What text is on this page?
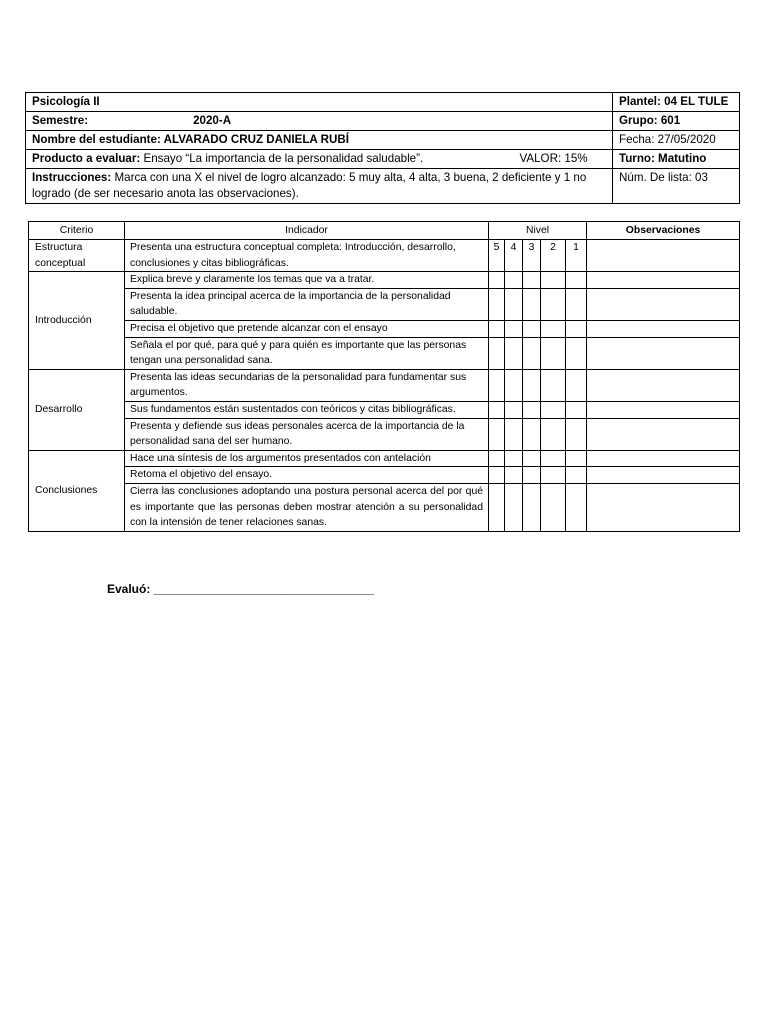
Psicología II	Plantel: 04 EL TULE
Semestre: 2020-A	Grupo: 601
Nombre del estudiante: ALVARADO CRUZ DANIELA RUBÍ	Fecha: 27/05/2020
Producto a evaluar: Ensayo “La importancia de la personalidad saludable”. VALOR: 15%	Turno: Matutino
Instrucciones: Marca con una X el nivel de logro alcanzado: 5 muy alta, 4 alta, 3 buena, 2 deficiente y 1 no logrado (de ser necesario anota las observaciones).	Núm. De lista: 03
Criterio	Indicador	Nivel					Observaciones
Estructura conceptual	Presenta una estructura conceptual completa: Introducción, desarrollo, conclusiones y citas bibliográficas.	5	4	3	2	1	
Introducción	Explica breve y claramente los temas que va a tratar.						
	Presenta la idea principal acerca de la importancia de la personalidad saludable.						
	Precisa el objetivo que pretende alcanzar con el ensayo						
	Señala el por qué, para qué y para quién es importante que las personas tengan una personalidad sana.						
Desarrollo	Presenta las ideas secundarias de la personalidad para fundamentar sus argumentos.						
	Sus fundamentos están sustentados con teóricos y citas bibliográficas.						
	Presenta y defiende sus ideas personales acerca de la importancia de la personalidad sana del ser humano.						
Conclusiones	Hace una síntesis de los argumentos presentados con antelación						
	Retoma el objetivo del ensayo.						
	Cierra las conclusiones adoptando una postura personal acerca del por qué es importante que las personas deben mostrar atención a su personalidad con la intensión de tener relaciones sanas.						
Evaluó: _________________________________
